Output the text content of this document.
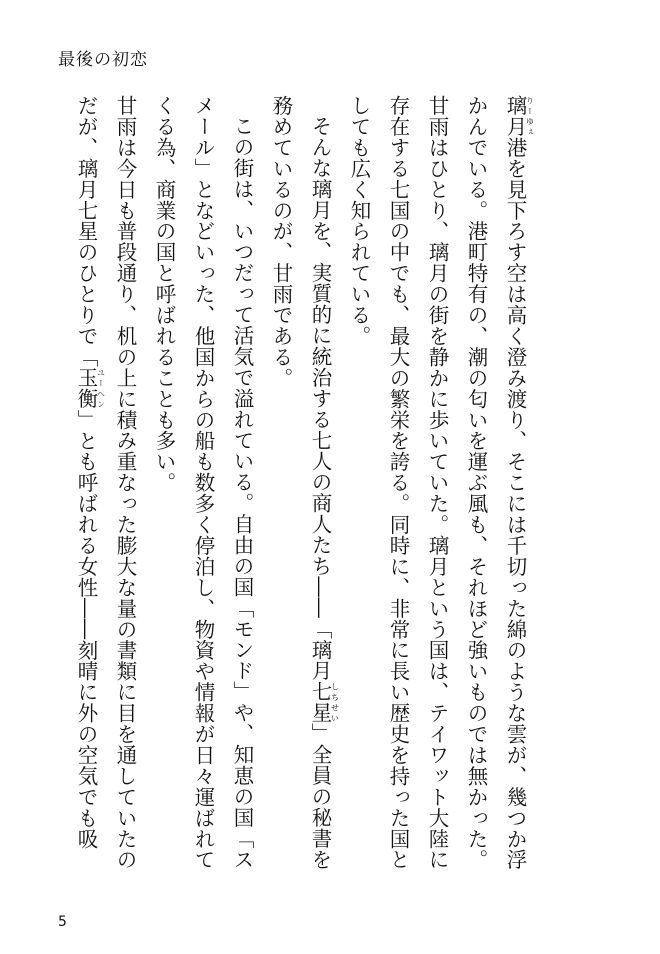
最後の初恋

璃月りーゆぇ港を見下ろす空は高く澄み渡り、そこには千切った綿のような雲が、幾つか浮かんでいる。港町特有の、潮の匂いを運ぶ風も、それほど強いものでは無かった。

甘雨はひとり、璃月の街を静かに歩いていた。璃月という国は、テイワット大陸に存在する七国の中でも、最大の繁栄を誇る。同時に、非常に長い歴史を持った国としても広く知られている。

　そんな璃月を、実質的に統治する七人の商人たち――「璃月七星しちせい」全員の秘書を務めているのが、甘雨である。

　この街は、いつだって活気で溢れている。自由の国「モンド」や、知恵の国「スメール」となどいった、他国からの船も数多く停泊し、物資や情報が日々運ばれてくる為、商業の国と呼ばれることも多い。

甘雨は今日も普段通り、机の上に積み重なった膨大な量の書類に目を通していたのだが、璃月七星のひとりで「玉衡ユーヘン」とも呼ばれる女性――刻晴に外の空気でも吸

5
